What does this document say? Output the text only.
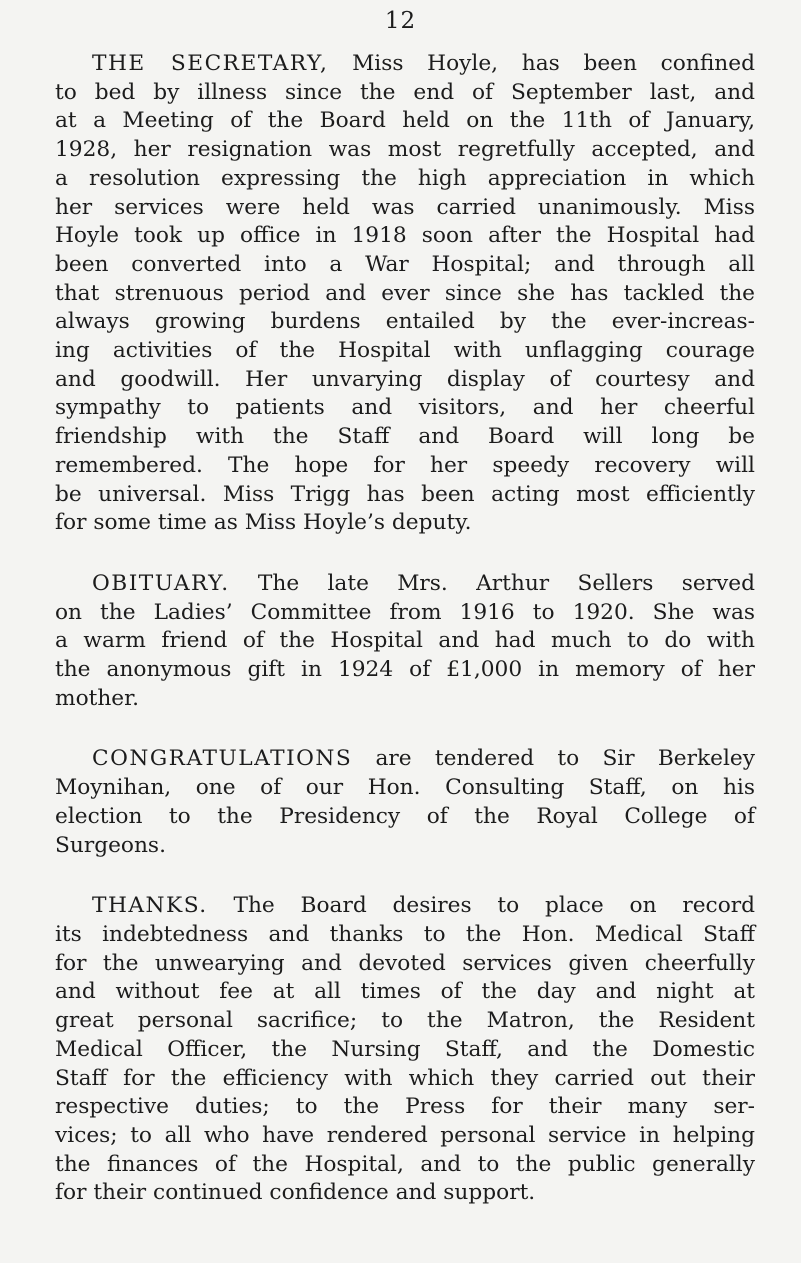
12

THE SECRETARY, Miss Hoyle, has been confined
to bed by illness since the end of September last, and
at a Meeting of the Board held on the 11th of January,
1928, her resignation was most regretfully accepted, and
a resolution expressing the high appreciation in which
her services were held was carried unanimously. Miss
Hoyle took up office in 1918 soon after the Hospital had
been converted into a War Hospital; and through all
that strenuous period and ever since she has tackled the
always growing burdens entailed by the ever-increas-
ing activities of the Hospital with unflagging courage
and goodwill. Her unvarying display of courtesy and
sympathy to patients and visitors, and her cheerful
friendship with the Staff and Board will long be
remembered. The hope for her speedy recovery will
be universal. Miss Trigg has been acting most efficiently
for some time as Miss Hoyle’s deputy.

OBITUARY. The late Mrs. Arthur Sellers served
on the Ladies’ Committee from 1916 to 1920. She was
a warm friend of the Hospital and had much to do with
the anonymous gift in 1924 of £1,000 in memory of her
mother.

CONGRATULATIONS are tendered to Sir Berkeley
Moynihan, one of our Hon. Consulting Staff, on his
election to the Presidency of the Royal College of
Surgeons.

THANKS. The Board desires to place on record
its indebtedness and thanks to the Hon. Medical Staff
for the unwearying and devoted services given cheerfully
and without fee at all times of the day and night at
great personal sacrifice; to the Matron, the Resident
Medical Officer, the Nursing Staff, and the Domestic
Staff for the efficiency with which they carried out their
respective duties; to the Press for their many ser-
vices; to all who have rendered personal service in helping
the finances of the Hospital, and to the public generally
for their continued confidence and support.
